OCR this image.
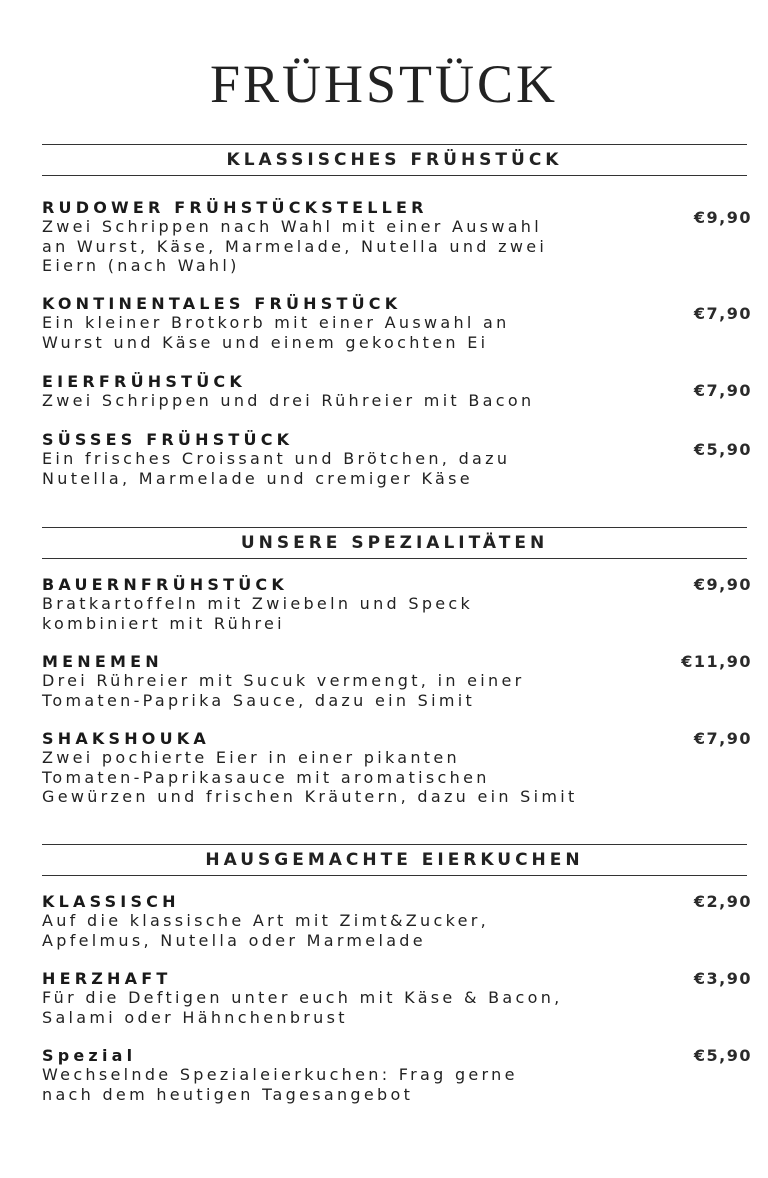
FRÜHSTÜCK
KLASSISCHES FRÜHSTÜCK
RUDOWER FRÜHSTÜCKSTELLER
Zwei Schrippen nach Wahl mit einer Auswahl
an Wurst, Käse, Marmelade, Nutella und zwei
Eiern (nach Wahl)
€9,90
KONTINENTALES FRÜHSTÜCK
Ein kleiner Brotkorb mit einer Auswahl an
Wurst und Käse und einem gekochten Ei
€7,90
EIERFRÜHSTÜCK
Zwei Schrippen und drei Rühreier mit Bacon
€7,90
SÜSSES FRÜHSTÜCK
Ein frisches Croissant und Brötchen, dazu
Nutella, Marmelade und cremiger Käse
€5,90
UNSERE SPEZIALITÄTEN
BAUERNFRÜHSTÜCK
Bratkartoffeln mit Zwiebeln und Speck
kombiniert mit Rührei
€9,90
MENEMEN
Drei Rühreier mit Sucuk vermengt, in einer
Tomaten-Paprika Sauce, dazu ein Simit
€11,90
SHAKSHOUKA
Zwei pochierte Eier in einer pikanten
Tomaten-Paprikasauce mit aromatischen
Gewürzen und frischen Kräutern, dazu ein Simit
€7,90
HAUSGEMACHTE EIERKUCHEN
KLASSISCH
Auf die klassische Art mit Zimt&Zucker,
Apfelmus, Nutella oder Marmelade
€2,90
HERZHAFT
Für die Deftigen unter euch mit Käse & Bacon,
Salami oder Hähnchenbrust
€3,90
Spezial
Wechselnde Spezialeierkuchen: Frag gerne
nach dem heutigen Tagesangebot
€5,90
